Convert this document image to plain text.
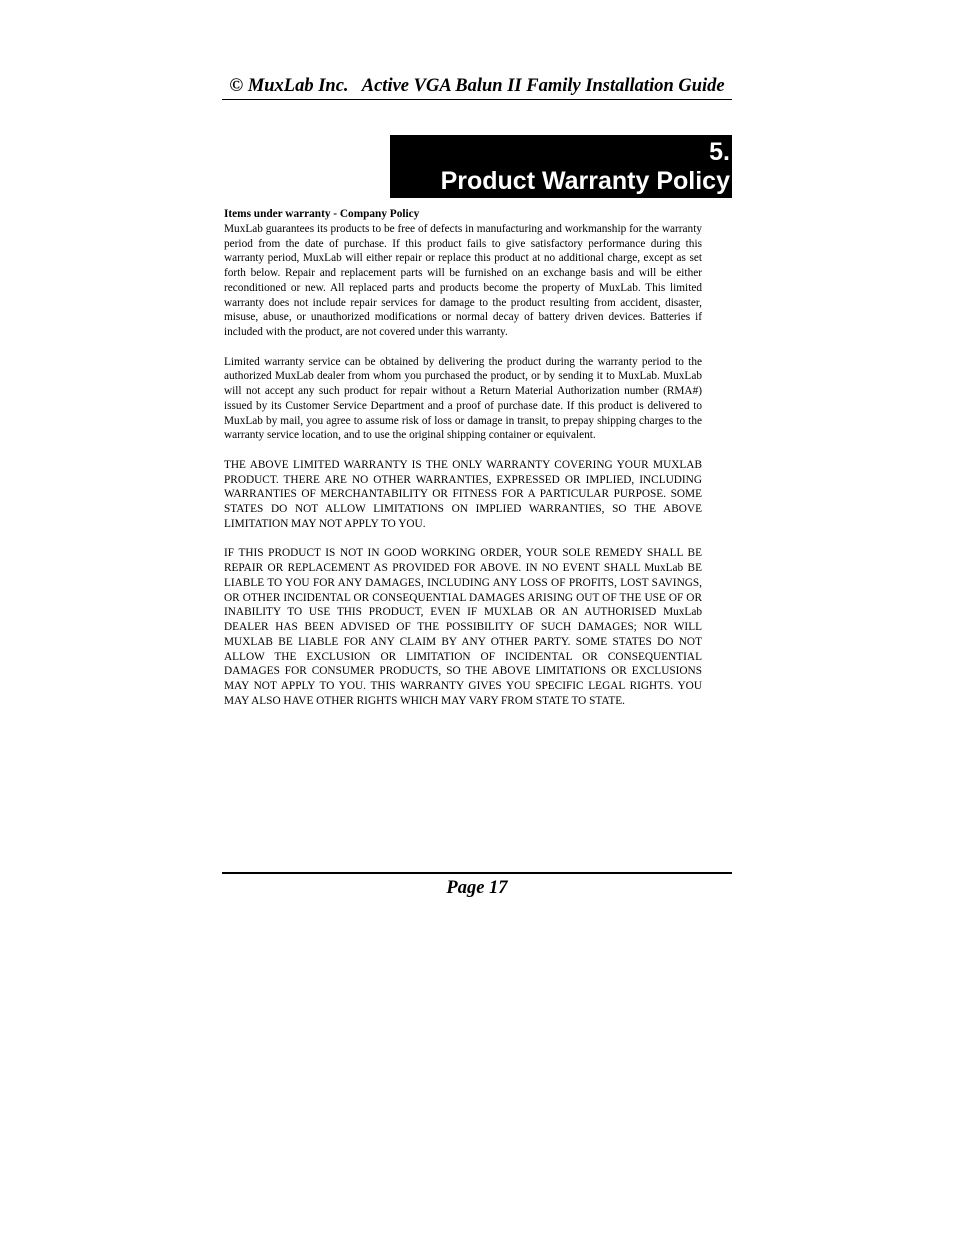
© MuxLab Inc.   Active VGA Balun II Family Installation Guide
5.
Product Warranty Policy

Items under warranty - Company Policy
MuxLab guarantees its products to be free of defects in manufacturing and workmanship for the warranty period from the date of purchase. If this product fails to give satisfactory performance during this warranty period, MuxLab will either repair or replace this product at no additional charge, except as set forth below. Repair and replacement parts will be furnished on an exchange basis and will be either reconditioned or new. All replaced parts and products become the property of MuxLab. This limited warranty does not include repair services for damage to the product resulting from accident, disaster, misuse, abuse, or unauthorized modifications or normal decay of battery driven devices. Batteries if included with the product, are not covered under this warranty.

Limited warranty service can be obtained by delivering the product during the warranty period to the authorized MuxLab dealer from whom you purchased the product, or by sending it to MuxLab. MuxLab will not accept any such product for repair without a Return Material Authorization number (RMA#) issued by its Customer Service Department and a proof of purchase date. If this product is delivered to MuxLab by mail, you agree to assume risk of loss or damage in transit, to prepay shipping charges to the warranty service location, and to use the original shipping container or equivalent.

THE ABOVE LIMITED WARRANTY IS THE ONLY WARRANTY COVERING YOUR MUXLAB PRODUCT. THERE ARE NO OTHER WARRANTIES, EXPRESSED OR IMPLIED, INCLUDING WARRANTIES OF MERCHANTABILITY OR FITNESS FOR A PARTICULAR PURPOSE. SOME STATES DO NOT ALLOW LIMITATIONS ON IMPLIED WARRANTIES, SO THE ABOVE LIMITATION MAY NOT APPLY TO YOU.

IF THIS PRODUCT IS NOT IN GOOD WORKING ORDER, YOUR SOLE REMEDY SHALL BE REPAIR OR REPLACEMENT AS PROVIDED FOR ABOVE. IN NO EVENT SHALL MuxLab BE LIABLE TO YOU FOR ANY DAMAGES, INCLUDING ANY LOSS OF PROFITS, LOST SAVINGS, OR OTHER INCIDENTAL OR CONSEQUENTIAL DAMAGES ARISING OUT OF THE USE OF OR INABILITY TO USE THIS PRODUCT, EVEN IF MUXLAB OR AN AUTHORISED MuxLab DEALER HAS BEEN ADVISED OF THE POSSIBILITY OF SUCH DAMAGES; NOR WILL MUXLAB BE LIABLE FOR ANY CLAIM BY ANY OTHER PARTY. SOME STATES DO NOT ALLOW THE EXCLUSION OR LIMITATION OF INCIDENTAL OR CONSEQUENTIAL DAMAGES FOR CONSUMER PRODUCTS, SO THE ABOVE LIMITATIONS OR EXCLUSIONS MAY NOT APPLY TO YOU. THIS WARRANTY GIVES YOU SPECIFIC LEGAL RIGHTS. YOU MAY ALSO HAVE OTHER RIGHTS WHICH MAY VARY FROM STATE TO STATE.

Page 17
